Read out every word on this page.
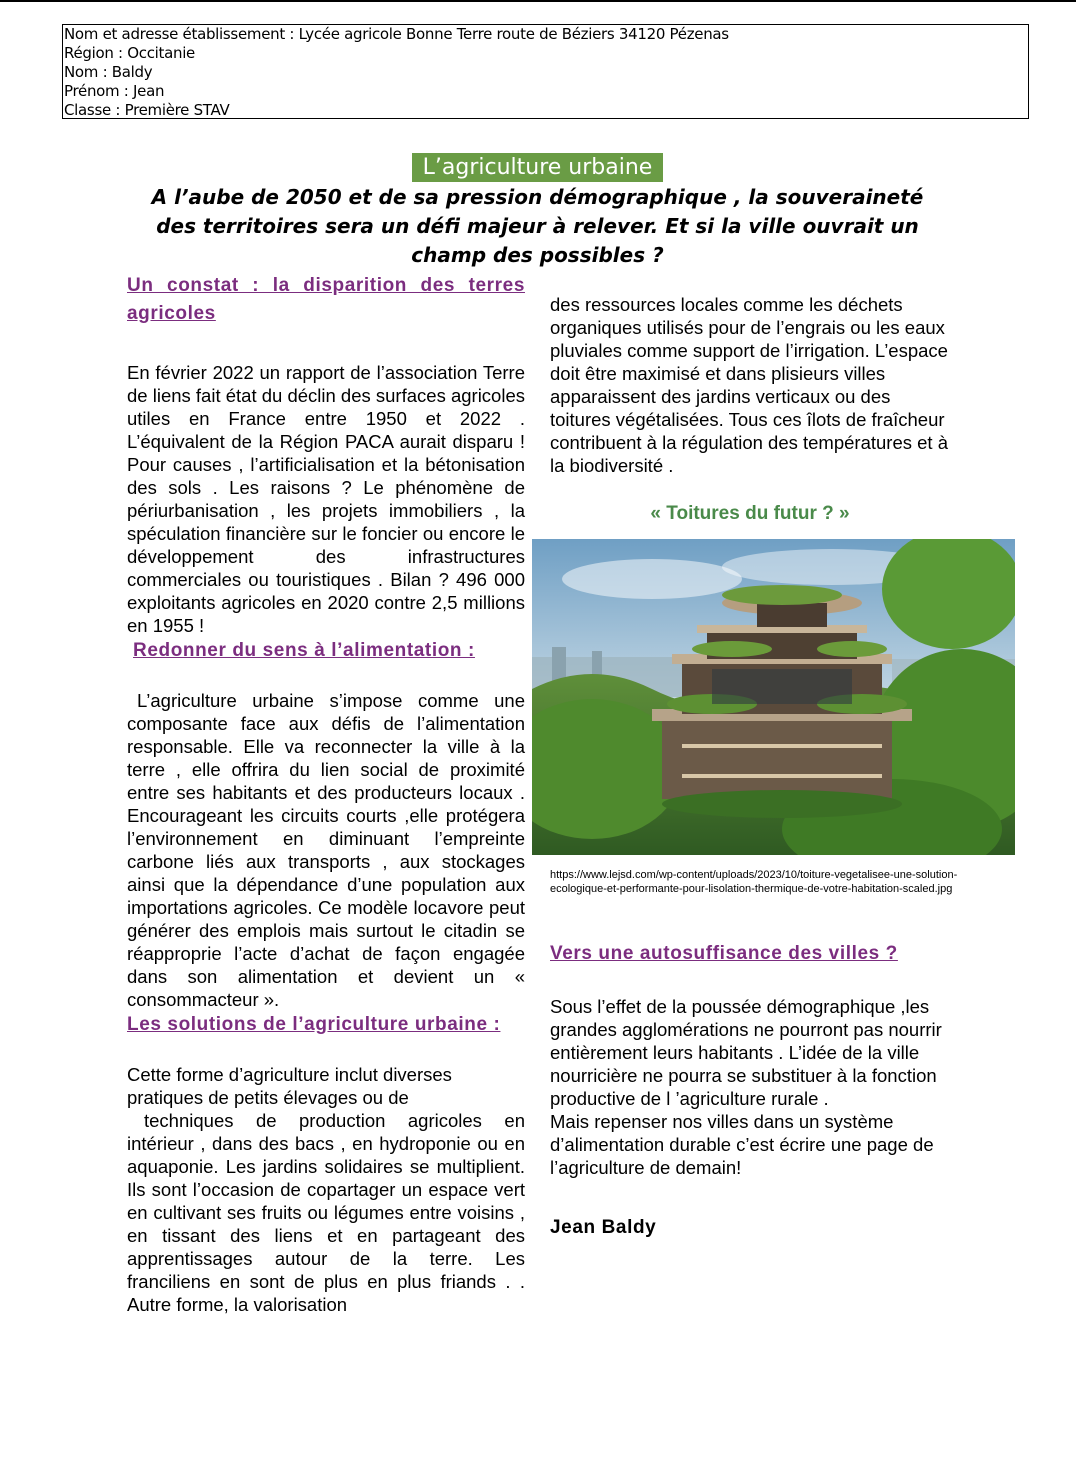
Nom et adresse établissement : Lycée agricole Bonne Terre route de Béziers 34120 Pézenas
Région : Occitanie
Nom : Baldy
Prénom : Jean
Classe : Première STAV
L’agriculture urbaine
A l’aube de 2050 et de sa pression démographique , la souveraineté des territoires sera un défi majeur à relever. Et si la ville ouvrait un champ des possibles ?
Un constat : la disparition des terres agricoles
En février 2022 un rapport de l’association Terre de liens fait état du déclin des surfaces agricoles utiles en France entre 1950 et 2022 . L’équivalent de la Région PACA aurait disparu ! Pour causes , l’artificialisation et la bétonisation des sols . Les raisons ? Le phénomène de périurbanisation , les projets immobiliers , la spéculation financière sur le foncier ou encore le développement des infrastructures commerciales ou touristiques . Bilan ? 496 000 exploitants agricoles en 2020 contre 2,5 millions en 1955 !
Redonner du sens à l’alimentation :
L’agriculture urbaine s’impose comme une composante face aux défis de l’alimentation responsable. Elle va reconnecter la ville à la terre , elle offrira du lien social de proximité entre ses habitants et des producteurs locaux . Encourageant les circuits courts ,elle protégera l’environnement en diminuant l’empreinte carbone liés aux transports , aux stockages ainsi que la dépendance d’une population aux importations agricoles. Ce modèle locavore peut générer des emplois mais surtout le citadin se réapproprie l’acte d’achat de façon engagée dans son alimentation et devient un « consommacteur ».
Les solutions de l’agriculture urbaine :
Cette forme d’agriculture inclut diverses pratiques de petits élevages ou de
techniques de production agricoles en intérieur , dans des bacs , en hydroponie ou en aquaponie. Les jardins solidaires se multiplient. Ils sont l’occasion de copartager un espace vert en cultivant ses fruits ou légumes entre voisins , en tissant des liens et en partageant des apprentissages autour de la terre. Les franciliens en sont de plus en plus friands . . Autre forme, la valorisation
des ressources locales comme les déchets organiques utilisés pour de l’engrais ou les eaux pluviales comme support de l’irrigation. L’espace doit être maximisé et dans plisieurs villes apparaissent des jardins verticaux ou des toitures végétalisées. Tous ces îlots de fraîcheur contribuent à la régulation des températures et à la biodiversité .
« Toitures du futur ? »
https://www.lejsd.com/wp-content/uploads/2023/10/toiture-vegetalisee-une-solution-ecologique-et-performante-pour-lisolation-thermique-de-votre-habitation-scaled.jpg
Vers une autosuffisance des villes ?
Sous l’effet de la poussée démographique ,les grandes agglomérations ne pourront pas nourrir entièrement leurs habitants . L’idée de la ville nourricière ne pourra se substituer à la fonction productive de l ’agriculture rurale .
Mais repenser nos villes dans un système d’alimentation durable c’est écrire une page de l’agriculture de demain!
Jean Baldy
